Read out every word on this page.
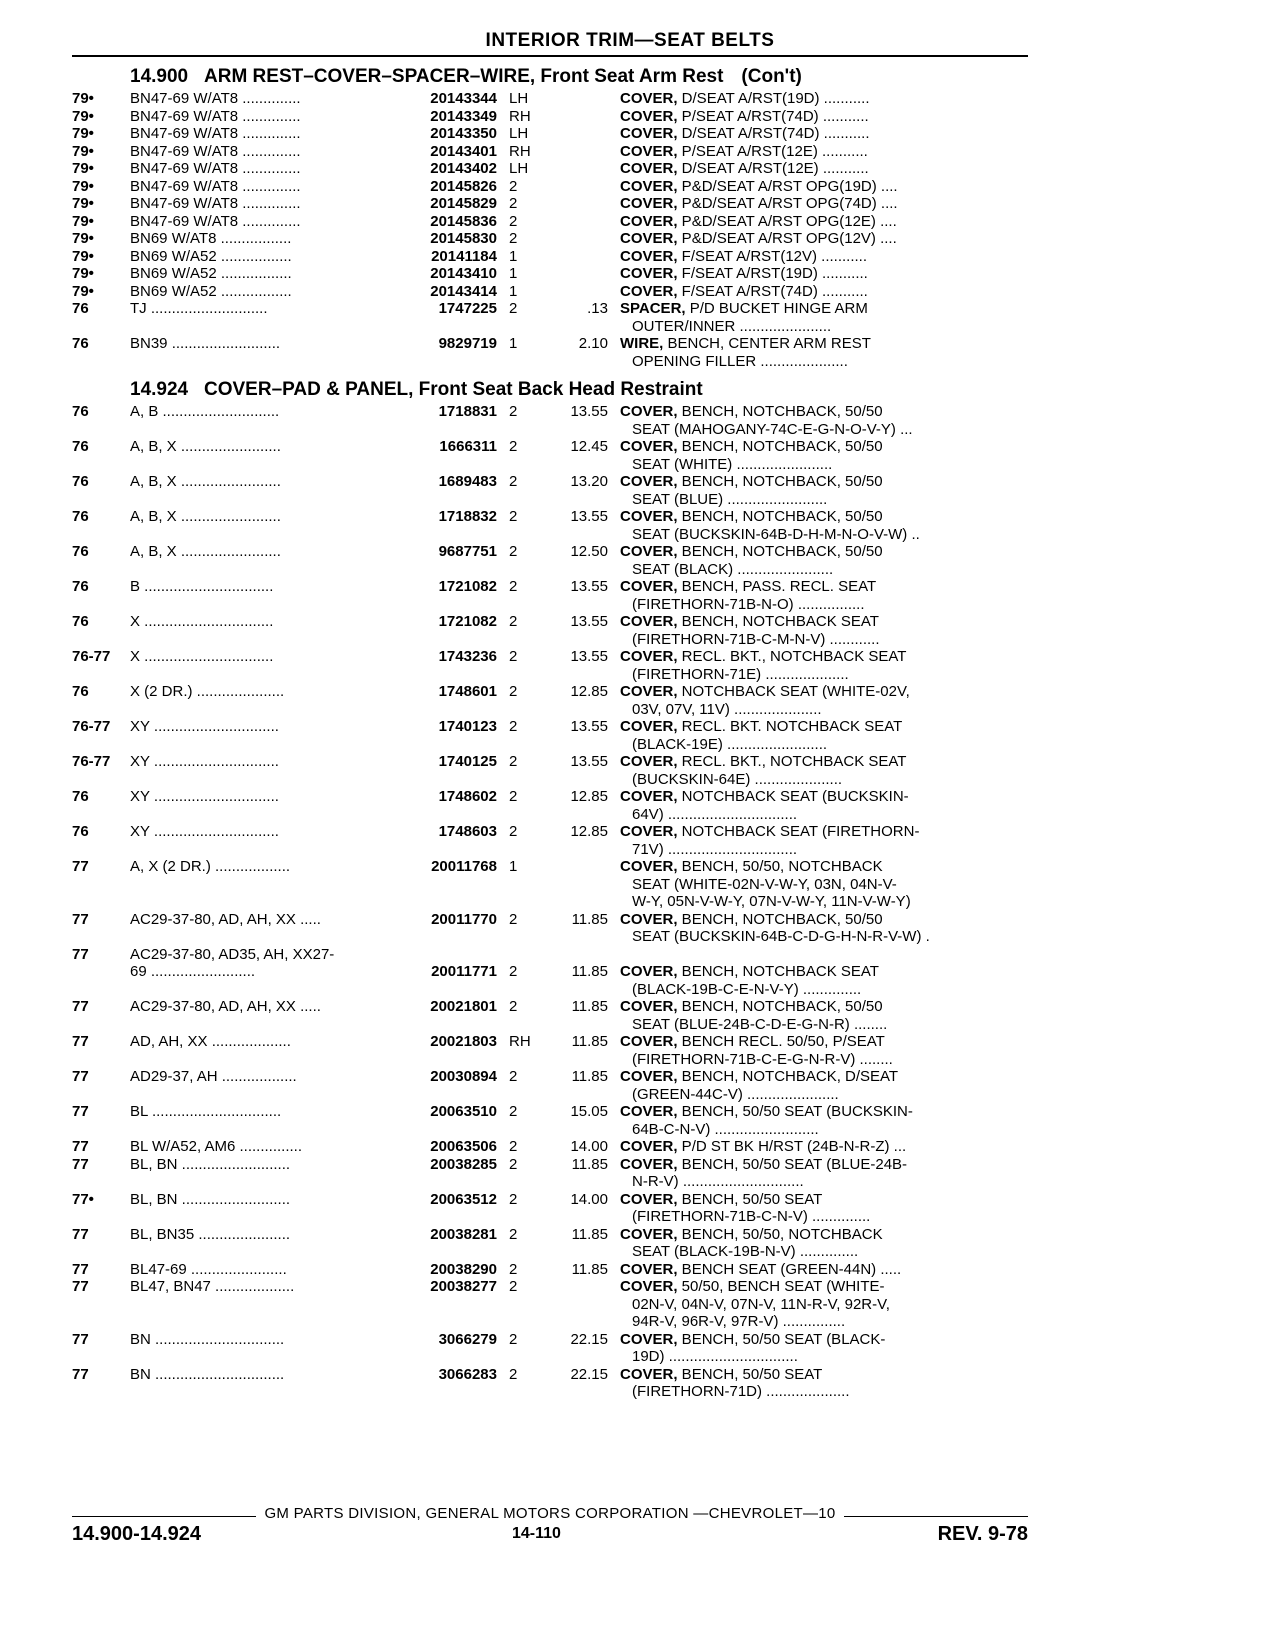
INTERIOR TRIM—SEAT BELTS
14.900 ARM REST–COVER–SPACER–WIRE, Front Seat Arm Rest (Con't)
79•	BN47-69 W/AT8 ..............	20143344 LH	COVER, D/SEAT A/RST(19D) ...........
79•	BN47-69 W/AT8 ..............	20143349 RH	COVER, P/SEAT A/RST(74D) ...........
79•	BN47-69 W/AT8 ..............	20143350 LH	COVER, D/SEAT A/RST(74D) ...........
79•	BN47-69 W/AT8 ..............	20143401 RH	COVER, P/SEAT A/RST(12E) ...........
79•	BN47-69 W/AT8 ..............	20143402 LH	COVER, D/SEAT A/RST(12E) ...........
79•	BN47-69 W/AT8 ..............	20145826 2	COVER, P&D/SEAT A/RST OPG(19D) ....
79•	BN47-69 W/AT8 ..............	20145829 2	COVER, P&D/SEAT A/RST OPG(74D) ....
79•	BN47-69 W/AT8 ..............	20145836 2	COVER, P&D/SEAT A/RST OPG(12E) ....
79•	BN69 W/AT8 .................	20145830 2	COVER, P&D/SEAT A/RST OPG(12V) ....
79•	BN69 W/A52 .................	20141184 1	COVER, F/SEAT A/RST(12V) ...........
79•	BN69 W/A52 .................	20143410 1	COVER, F/SEAT A/RST(19D) ...........
79•	BN69 W/A52 .................	20143414 1	COVER, F/SEAT A/RST(74D) ...........
76	TJ ............................	1747225 2	.13 SPACER, P/D BUCKET HINGE ARM
OUTER/INNER ......................
76	BN39 ..........................	9829719 1	2.10 WIRE, BENCH, CENTER ARM REST
OPENING FILLER .....................
14.924 COVER–PAD & PANEL, Front Seat Back Head Restraint
76	A, B ............................	1718831 2	13.55 COVER, BENCH, NOTCHBACK, 50/50
SEAT (MAHOGANY-74C-E-G-N-O-V-Y) ...
76	A, B, X ........................	1666311 2	12.45 COVER, BENCH, NOTCHBACK, 50/50
SEAT (WHITE) .......................
76	A, B, X ........................	1689483 2	13.20 COVER, BENCH, NOTCHBACK, 50/50
SEAT (BLUE) ........................
76	A, B, X ........................	1718832 2	13.55 COVER, BENCH, NOTCHBACK, 50/50
SEAT (BUCKSKIN-64B-D-H-M-N-O-V-W) ..
76	A, B, X ........................	9687751 2	12.50 COVER, BENCH, NOTCHBACK, 50/50
SEAT (BLACK) .......................
76	B ...............................	1721082 2	13.55 COVER, BENCH, PASS. RECL. SEAT
(FIRETHORN-71B-N-O) ................
76	X ...............................	1721082 2	13.55 COVER, BENCH, NOTCHBACK SEAT
(FIRETHORN-71B-C-M-N-V) ............
76-77	X ...............................	1743236 2	13.55 COVER, RECL. BKT., NOTCHBACK SEAT
(FIRETHORN-71E) ....................
76	X (2 DR.) .....................	1748601 2	12.85 COVER, NOTCHBACK SEAT (WHITE-02V,
03V, 07V, 11V) .....................
76-77	XY ..............................	1740123 2	13.55 COVER, RECL. BKT. NOTCHBACK SEAT
(BLACK-19E) ........................
76-77	XY ..............................	1740125 2	13.55 COVER, RECL. BKT., NOTCHBACK SEAT
(BUCKSKIN-64E) .....................
76	XY ..............................	1748602 2	12.85 COVER, NOTCHBACK SEAT (BUCKSKIN-
64V) ...............................
76	XY ..............................	1748603 2	12.85 COVER, NOTCHBACK SEAT (FIRETHORN-
71V) ...............................
77	A, X (2 DR.) ..................	20011768 1	COVER, BENCH, 50/50, NOTCHBACK
SEAT (WHITE-02N-V-W-Y, 03N, 04N-V-
W-Y, 05N-V-W-Y, 07N-V-W-Y, 11N-V-W-Y)
77	AC29-37-80, AD, AH, XX .....	20011770 2	11.85 COVER, BENCH, NOTCHBACK, 50/50
SEAT (BUCKSKIN-64B-C-D-G-H-N-R-V-W) .
77	AC29-37-80, AD35, AH, XX27-
69 .........................	20011771 2	11.85 COVER, BENCH, NOTCHBACK SEAT
(BLACK-19B-C-E-N-V-Y) ..............
77	AC29-37-80, AD, AH, XX .....	20021801 2	11.85 COVER, BENCH, NOTCHBACK, 50/50
SEAT (BLUE-24B-C-D-E-G-N-R) ........
77	AD, AH, XX ...................	20021803 RH	11.85 COVER, BENCH RECL. 50/50, P/SEAT
(FIRETHORN-71B-C-E-G-N-R-V) ........
77	AD29-37, AH ..................	20030894 2	11.85 COVER, BENCH, NOTCHBACK, D/SEAT
(GREEN-44C-V) ......................
77	BL ...............................	20063510 2	15.05 COVER, BENCH, 50/50 SEAT (BUCKSKIN-
64B-C-N-V) .........................
77	BL W/A52, AM6 ...............	20063506 2	14.00 COVER, P/D ST BK H/RST (24B-N-R-Z) ...
77	BL, BN ..........................	20038285 2	11.85 COVER, BENCH, 50/50 SEAT (BLUE-24B-
N-R-V) .............................
77•	BL, BN ..........................	20063512 2	14.00 COVER, BENCH, 50/50 SEAT
(FIRETHORN-71B-C-N-V) ..............
77	BL, BN35 ......................	20038281 2	11.85 COVER, BENCH, 50/50, NOTCHBACK
SEAT (BLACK-19B-N-V) ..............
77	BL47-69 .......................	20038290 2	11.85 COVER, BENCH SEAT (GREEN-44N) .....
77	BL47, BN47 ...................	20038277 2	COVER, 50/50, BENCH SEAT (WHITE-
02N-V, 04N-V, 07N-V, 11N-R-V, 92R-V,
94R-V, 96R-V, 97R-V) ...............
77	BN ...............................	3066279 2	22.15 COVER, BENCH, 50/50 SEAT (BLACK-
19D) ...............................
77	BN ...............................	3066283 2	22.15 COVER, BENCH, 50/50 SEAT
(FIRETHORN-71D) ....................
GM PARTS DIVISION, GENERAL MOTORS CORPORATION —CHEVROLET—10
14.900-14.924	14-110	REV. 9-78
